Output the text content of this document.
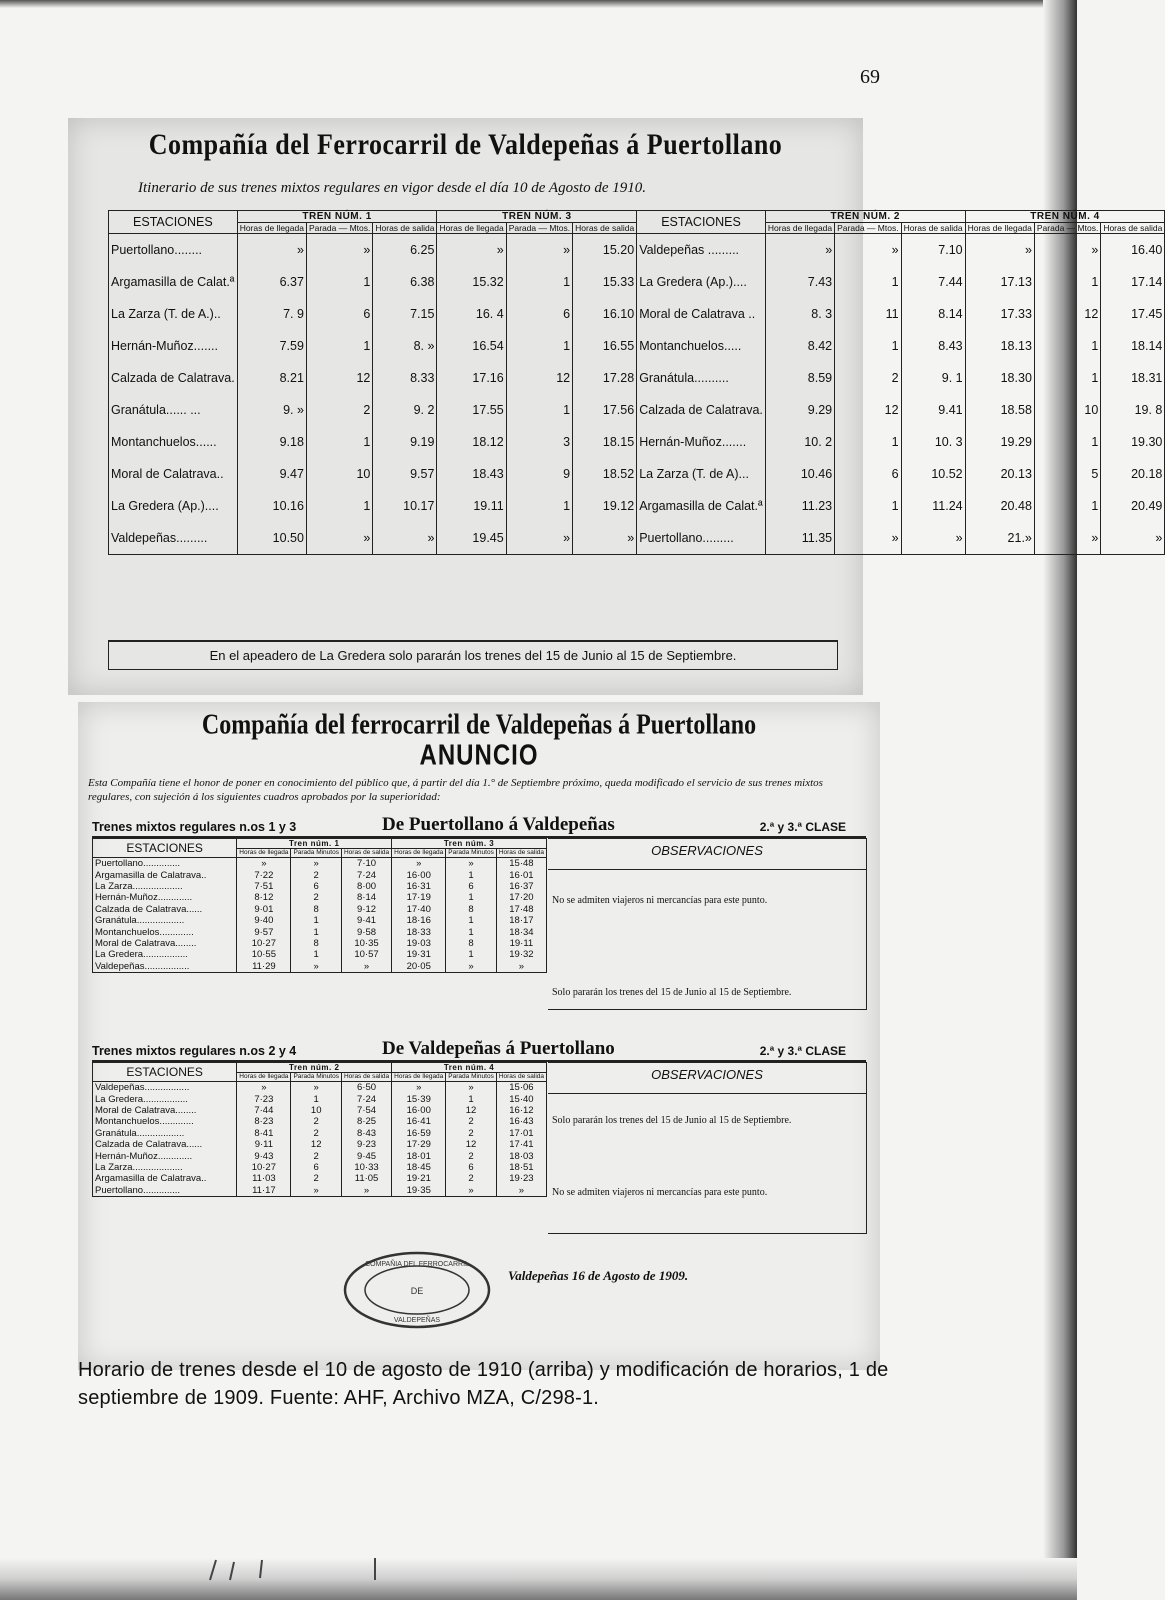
69
Compañía del Ferrocarril de Valdepeñas á Puertollano
Itinerario de sus trenes mixtos regulares en vigor desde el día 10 de Agosto de 1910.
ESTACIONES	TREN NÚM. 1			TREN NÚM. 3			ESTACIONES	TREN NÚM. 2			TREN NÚM. 4		
	Horas de llegada	Parada — Mtos.	Horas de salida	Horas de llegada	Parada — Mtos.	Horas de salida		Horas de llegada	Parada — Mtos.	Horas de salida	Horas de llegada	Parada — Mtos.	Horas de salida
Puertollano........	»	»	6.25	»	»	15.20	Valdepeñas .........	»	»	7.10	»	»	16.40
Argamasilla de Calat.ª	6.37	1	6.38	15.32	1	15.33	La Gredera (Ap.)....	7.43	1	7.44	17.13	1	17.14
La Zarza (T. de A.)..	7. 9	6	7.15	16. 4	6	16.10	Moral de Calatrava ..	8. 3	11	8.14	17.33	12	17.45
Hernán-Muñoz.......	7.59	1	8. »	16.54	1	16.55	Montanchuelos.....	8.42	1	8.43	18.13	1	18.14
Calzada de Calatrava.	8.21	12	8.33	17.16	12	17.28	Granátula..........	8.59	2	9. 1	18.30	1	18.31
Granátula...... ...	9. »	2	9. 2	17.55	1	17.56	Calzada de Calatrava.	9.29	12	9.41	18.58	10	19. 8
Montanchuelos......	9.18	1	9.19	18.12	3	18.15	Hernán-Muñoz.......	10. 2	1	10. 3	19.29	1	19.30
Moral de Calatrava..	9.47	10	9.57	18.43	9	18.52	La Zarza (T. de A)...	10.46	6	10.52	20.13	5	20.18
La Gredera (Ap.)....	10.16	1	10.17	19.11	1	19.12	Argamasilla de Calat.ª	11.23	1	11.24	20.48	1	20.49
Valdepeñas.........	10.50	»	»	19.45	»	»	Puertollano.........	11.35	»	»	21.»	»	»
En el apeadero de La Gredera solo pararán los trenes del 15 de Junio al 15 de Septiembre.
Compañía del ferrocarril de Valdepeñas á Puertollano
ANUNCIO
Esta Compañía tiene el honor de poner en conocimiento del público que, á partir del día 1.° de Septiembre próximo, queda modificado el servicio de sus trenes mixtos regulares, con sujeción á los siguientes cuadros aprobados por la superioridad:
Trenes mixtos regulares n.os 1 y 3	De Puertollano á Valdepeñas	2.ª y 3.ª CLASE
ESTACIONES	Tren núm. 1			Tren núm. 3		
	Horas de llegada	Parada Minutos	Horas de salida	Horas de llegada	Parada Minutos	Horas de salida
Puertollano..............	»	»	7·10	»	»	15·48
Argamasilla de Calatrava..	7·22	2	7·24	16·00	1	16·01
La Zarza...................	7·51	6	8·00	16·31	6	16·37
Hernán-Muñoz.............	8·12	2	8·14	17·19	1	17·20
Calzada de Calatrava......	9·01	8	9·12	17·40	8	17·48
Granátula..................	9·40	1	9·41	18·16	1	18·17
Montanchuelos.............	9·57	1	9·58	18·33	1	18·34
Moral de Calatrava........	10·27	8	10·35	19·03	8	19·11
La Gredera.................	10·55	1	10·57	19·31	1	19·32
Valdepeñas.................	11·29	»	»	20·05	»	»
OBSERVACIONES
No se admiten viajeros ni mercancías para este punto.
Solo pararán los trenes del 15 de Junio al 15 de Septiembre.
Trenes mixtos regulares n.os 2 y 4	De Valdepeñas á Puertollano	2.ª y 3.ª CLASE
ESTACIONES	Tren núm. 2			Tren núm. 4		
	Horas de llegada	Parada Minutos	Horas de salida	Horas de llegada	Parada Minutos	Horas de salida
Valdepeñas.................	»	»	6·50	»	»	15·06
La Gredera.................	7·23	1	7·24	15·39	1	15·40
Moral de Calatrava........	7·44	10	7·54	16·00	12	16·12
Montanchuelos.............	8·23	2	8·25	16·41	2	16·43
Granátula..................	8·41	2	8·43	16·59	2	17·01
Calzada de Calatrava......	9·11	12	9·23	17·29	12	17·41
Hernán-Muñoz.............	9·43	2	9·45	18·01	2	18·03
La Zarza...................	10·27	6	10·33	18·45	6	18·51
Argamasilla de Calatrava..	11·03	2	11·05	19·21	2	19·23
Puertollano..............	11·17	»	»	19·35	»	»
OBSERVACIONES
Solo pararán los trenes del 15 de Junio al 15 de Septiembre.
No se admiten viajeros ni mercancías para este punto.
COMPAÑIA DEL FERROCARRIL
DE
VALDEPEÑAS
Valdepeñas 16 de Agosto de 1909.
Horario de trenes desde el 10 de agosto de 1910 (arriba) y modificación de horarios, 1 de septiembre de 1909. Fuente: AHF, Archivo MZA, C/298-1.
